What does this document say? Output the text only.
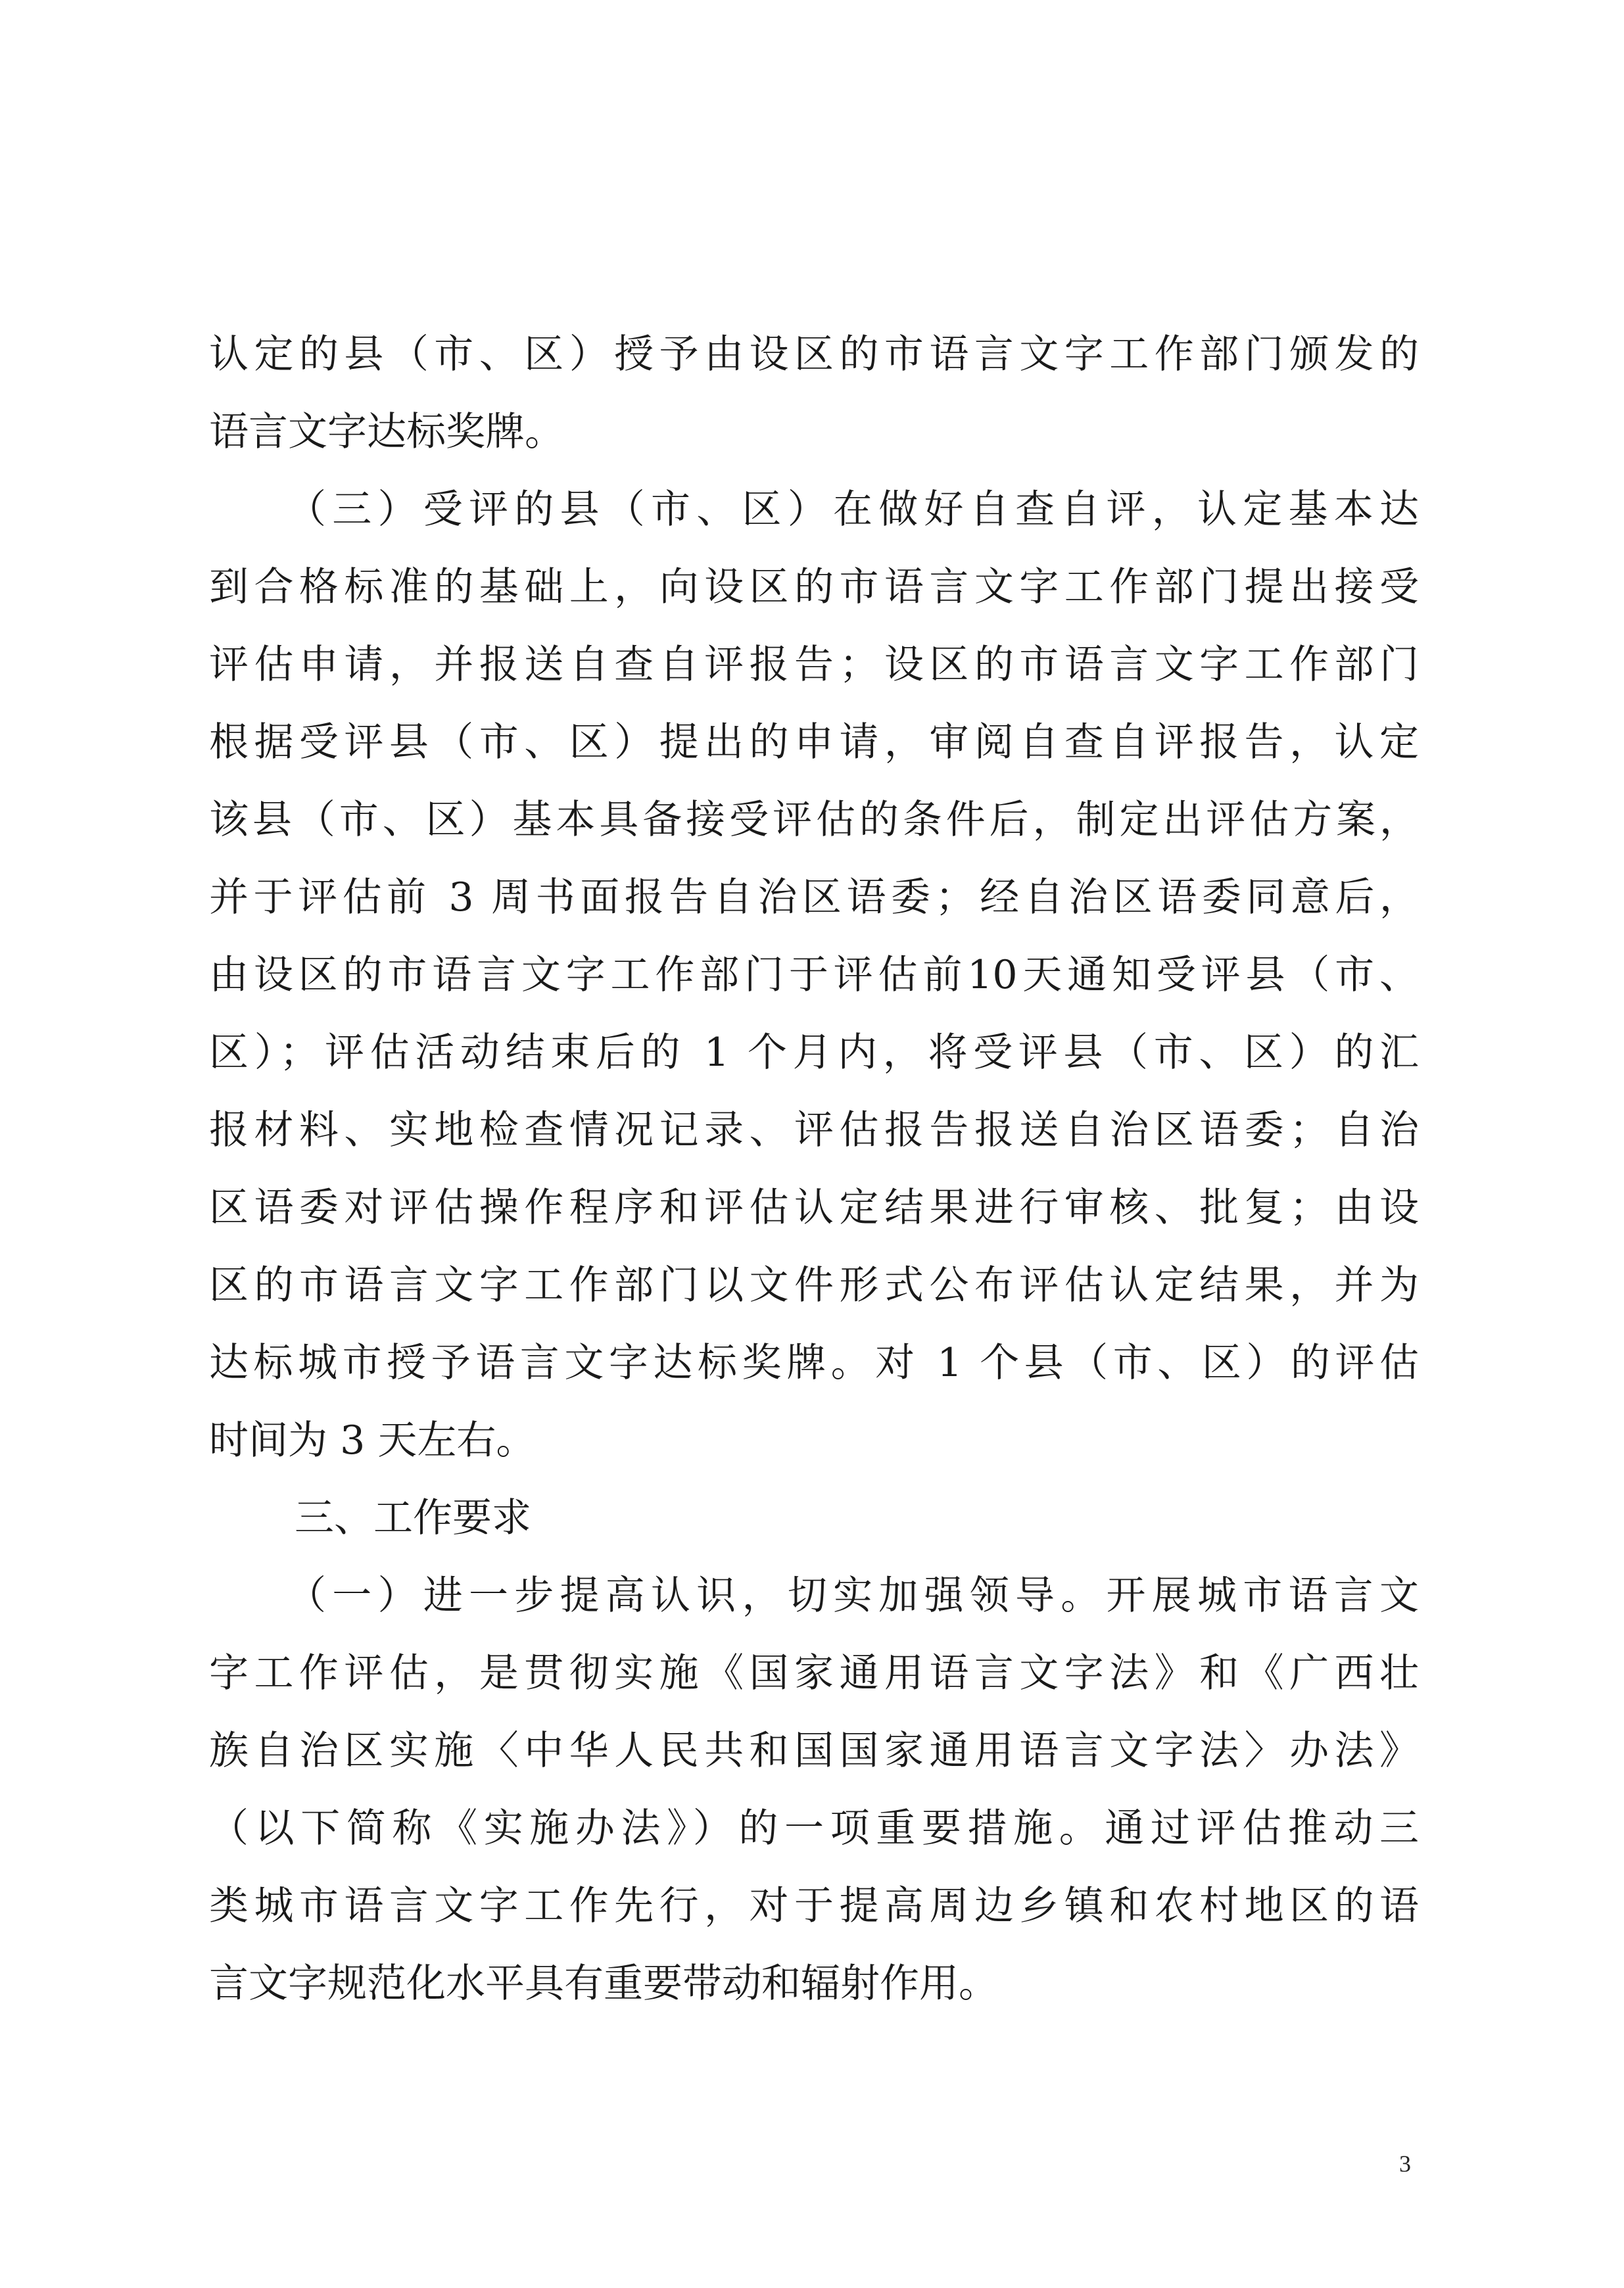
认定的县（市、区）授予由设区的市语言文字工作部门颁发的
语言文字达标奖牌。
（三）受评的县（市、区）在做好自查自评，认定基本达
到合格标准的基础上，向设区的市语言文字工作部门提出接受
评估申请，并报送自查自评报告；设区的市语言文字工作部门
根据受评县（市、区）提出的申请，审阅自查自评报告，认定
该县（市、区）基本具备接受评估的条件后，制定出评估方案，
并于评估前 3 周书面报告自治区语委；经自治区语委同意后，
由设区的市语言文字工作部门于评估前10天通知受评县（市、
区）；评估活动结束后的 1 个月内，将受评县（市、区）的汇
报材料、实地检查情况记录、评估报告报送自治区语委；自治
区语委对评估操作程序和评估认定结果进行审核、批复；由设
区的市语言文字工作部门以文件形式公布评估认定结果，并为
达标城市授予语言文字达标奖牌。对 1 个县（市、区）的评估
时间为 3 天左右。
三、工作要求
（一）进一步提高认识，切实加强领导。开展城市语言文
字工作评估，是贯彻实施《国家通用语言文字法》和《广西壮
族自治区实施〈中华人民共和国国家通用语言文字法〉办法》
（以下简称《实施办法》）的一项重要措施。通过评估推动三
类城市语言文字工作先行，对于提高周边乡镇和农村地区的语
言文字规范化水平具有重要带动和辐射作用。
3
